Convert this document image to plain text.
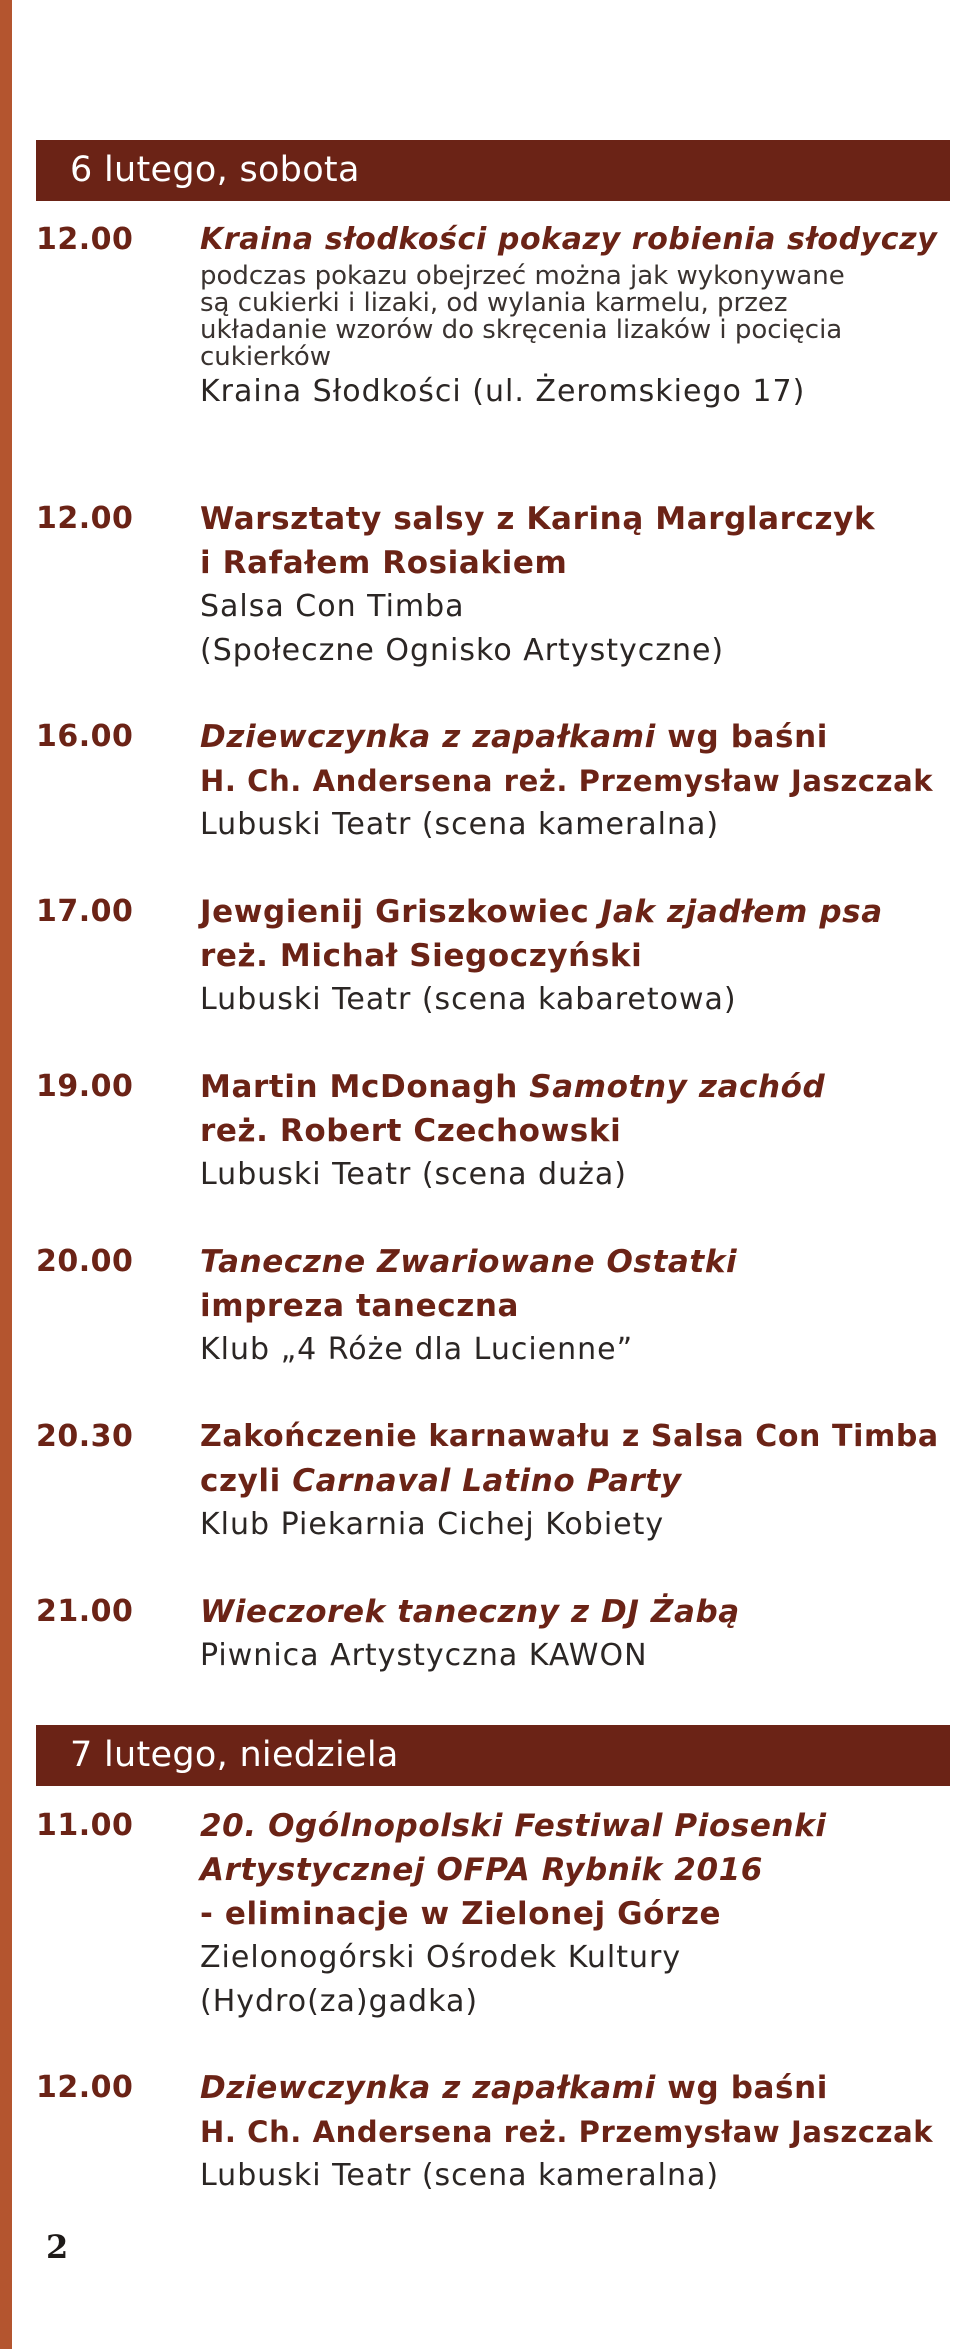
6 lutego, sobota
12.00 Kraina słodkości pokazy robienia słodyczy
podczas pokazu obejrzeć można jak wykonywane
są cukierki i lizaki, od wylania karmelu, przez
układanie wzorów do skręcenia lizaków i pocięcia
cukierków
Kraina Słodkości (ul. Żeromskiego 17)
12.00 Warsztaty salsy z Kariną Marglarczyk
i Rafałem Rosiakiem
Salsa Con Timba
(Społeczne Ognisko Artystyczne)
16.00 Dziewczynka z zapałkami wg baśni
H. Ch. Andersena reż. Przemysław Jaszczak
Lubuski Teatr (scena kameralna)
17.00 Jewgienij Griszkowiec Jak zjadłem psa
reż. Michał Siegoczyński
Lubuski Teatr (scena kabaretowa)
19.00 Martin McDonagh Samotny zachód
reż. Robert Czechowski
Lubuski Teatr (scena duża)
20.00 Taneczne Zwariowane Ostatki
impreza taneczna
Klub „4 Róże dla Lucienne”
20.30 Zakończenie karnawału z Salsa Con Timba
czyli Carnaval Latino Party
Klub Piekarnia Cichej Kobiety
21.00 Wieczorek taneczny z DJ Żabą
Piwnica Artystyczna KAWON
7 lutego, niedziela
11.00 20. Ogólnopolski Festiwal Piosenki
Artystycznej OFPA Rybnik 2016
- eliminacje w Zielonej Górze
Zielonogórski Ośrodek Kultury
(Hydro(za)gadka)
12.00 Dziewczynka z zapałkami wg baśni
H. Ch. Andersena reż. Przemysław Jaszczak
Lubuski Teatr (scena kameralna)
2
